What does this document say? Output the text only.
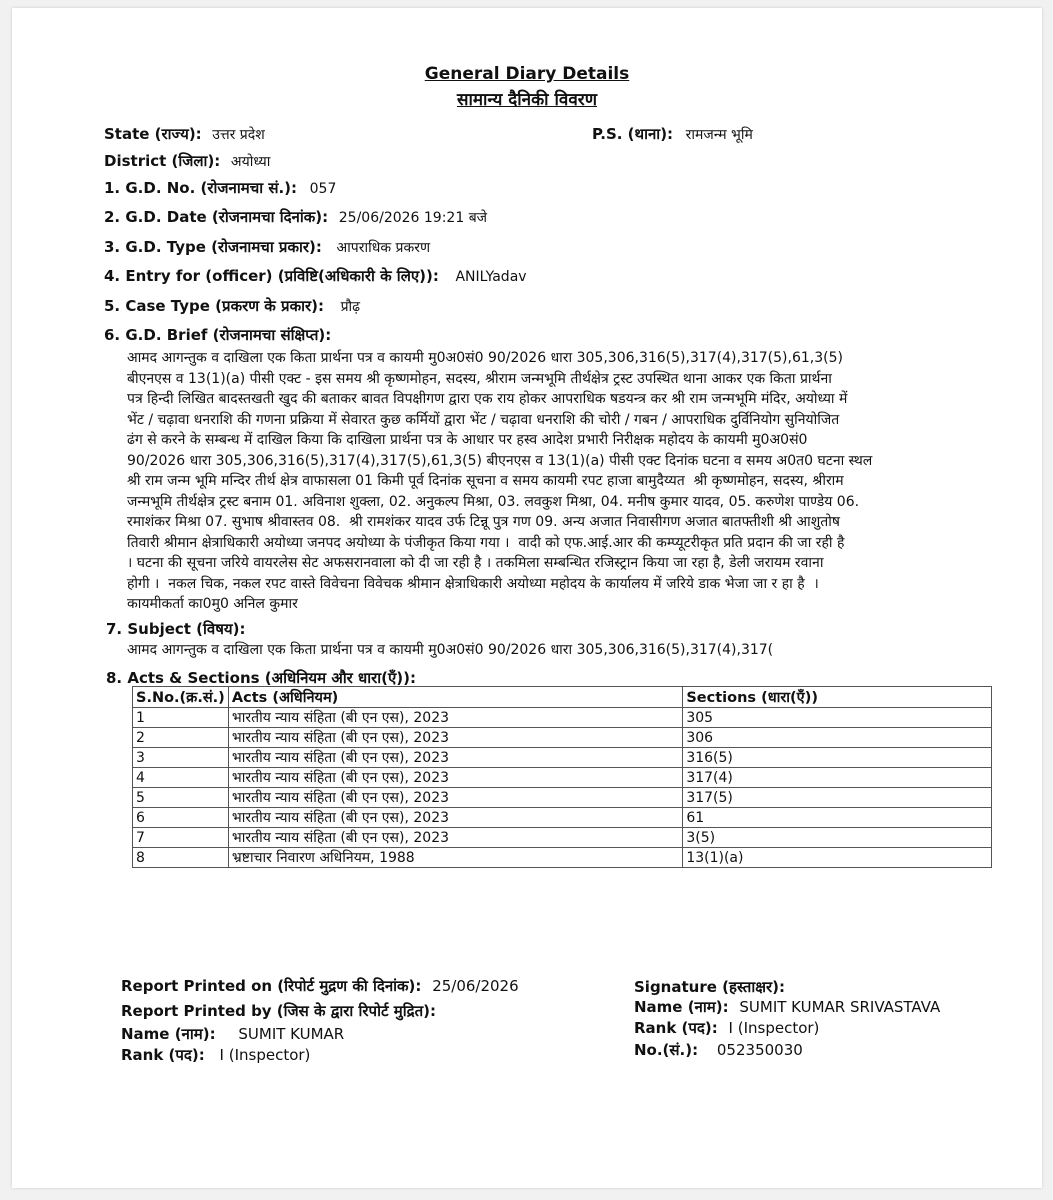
General Diary Details
सामान्य दैनिकी विवरण
State (राज्य): उत्तर प्रदेश	P.S. (थाना): रामजन्म भूमि
District (जिला): अयोध्या
1. G.D. No. (रोजनामचा सं.): 057
2. G.D. Date (रोजनामचा दिनांक): 25/06/2026 19:21 बजे
3. G.D. Type (रोजनामचा प्रकार): आपराधिक प्रकरण
4. Entry for (officer) (प्रविष्टि(अधिकारी के लिए)): ANILYadav
5. Case Type (प्रकरण के प्रकार): प्रौढ़
6. G.D. Brief (रोजनामचा संक्षिप्त):
आमद आगन्तुक व दाखिला एक किता प्रार्थना पत्र व कायमी मु0अ0सं0 90/2026 धारा 305,306,316(5),317(4),317(5),61,3(5)
बीएनएस व 13(1)(a) पीसी एक्ट - इस समय श्री कृष्णमोहन, सदस्य, श्रीराम जन्मभूमि तीर्थक्षेत्र ट्रस्ट उपस्थित थाना आकर एक किता प्रार्थना
पत्र हिन्दी लिखित बादस्तखती खुद की बताकर बावत विपक्षीगण द्वारा एक राय होकर आपराधिक षडयन्त्र कर श्री राम जन्मभूमि मंदिर, अयोध्या में
भेंट / चढ़ावा धनराशि की गणना प्रक्रिया में सेवारत कुछ कर्मियों द्वारा भेंट / चढ़ावा धनराशि की चोरी / गबन / आपराधिक दुर्विनियोग सुनियोजित
ढंग से करने के सम्बन्ध में दाखिल किया कि दाखिला प्रार्थना पत्र के आधार पर हस्व आदेश प्रभारी निरीक्षक महोदय के कायमी मु0अ0सं0
90/2026 धारा 305,306,316(5),317(4),317(5),61,3(5) बीएनएस व 13(1)(a) पीसी एक्ट दिनांक घटना व समय अ0त0 घटना स्थल
श्री राम जन्म भूमि मन्दिर तीर्थ क्षेत्र वाफासला 01 किमी पूर्व दिनांक सूचना व समय कायमी रपट हाजा बामुदैय्यत  श्री कृष्णमोहन, सदस्य, श्रीराम
जन्मभूमि तीर्थक्षेत्र ट्रस्ट बनाम 01. अविनाश शुक्ला, 02. अनुकल्प मिश्रा, 03. लवकुश मिश्रा, 04. मनीष कुमार यादव, 05. करुणेश पाण्डेय 06.
रमाशंकर मिश्रा 07. सुभाष श्रीवास्तव 08.  श्री रामशंकर यादव उर्फ टिन्नू पुत्र गण 09. अन्य अजात निवासीगण अजात बातफ्तीशी श्री आशुतोष
तिवारी श्रीमान क्षेत्राधिकारी अयोध्या जनपद अयोध्या के पंजीकृत किया गया ।  वादी को एफ.आई.आर की कम्प्यूटरीकृत प्रति प्रदान की जा रही है
। घटना की सूचना जरिये वायरलेस सेट अफसरानवाला को दी जा रही है । तकमिला सम्बन्धित रजिस्ट्रान किया जा रहा है, डेली जरायम रवाना
होगी ।  नकल चिक, नकल रपट वास्ते विवेचना विवेचक श्रीमान क्षेत्राधिकारी अयोध्या महोदय के कार्यालय में जरिये डाक भेजा जा र हा है  ।
कायमीकर्ता का0मु0 अनिल कुमार
7. Subject (विषय):
आमद आगन्तुक व दाखिला एक किता प्रार्थना पत्र व कायमी मु0अ0सं0 90/2026 धारा 305,306,316(5),317(4),317(
8. Acts & Sections (अधिनियम और धारा(एँ)):
S.No.(क्र.सं.)	Acts (अधिनियम)	Sections (धारा(एँ))
1	भारतीय न्याय संहिता (बी एन एस), 2023	305
2	भारतीय न्याय संहिता (बी एन एस), 2023	306
3	भारतीय न्याय संहिता (बी एन एस), 2023	316(5)
4	भारतीय न्याय संहिता (बी एन एस), 2023	317(4)
5	भारतीय न्याय संहिता (बी एन एस), 2023	317(5)
6	भारतीय न्याय संहिता (बी एन एस), 2023	61
7	भारतीय न्याय संहिता (बी एन एस), 2023	3(5)
8	भ्रष्टाचार निवारण अधिनियम, 1988	13(1)(a)
Report Printed on (रिपोर्ट मुद्रण की दिनांक): 25/06/2026
Report Printed by (जिस के द्वारा रिपोर्ट मुद्रित):
Name (नाम): SUMIT KUMAR
Rank (पद): I (Inspector)
Signature (हस्ताक्षर):
Name (नाम): SUMIT KUMAR SRIVASTAVA
Rank (पद): I (Inspector)
No.(सं.): 052350030
